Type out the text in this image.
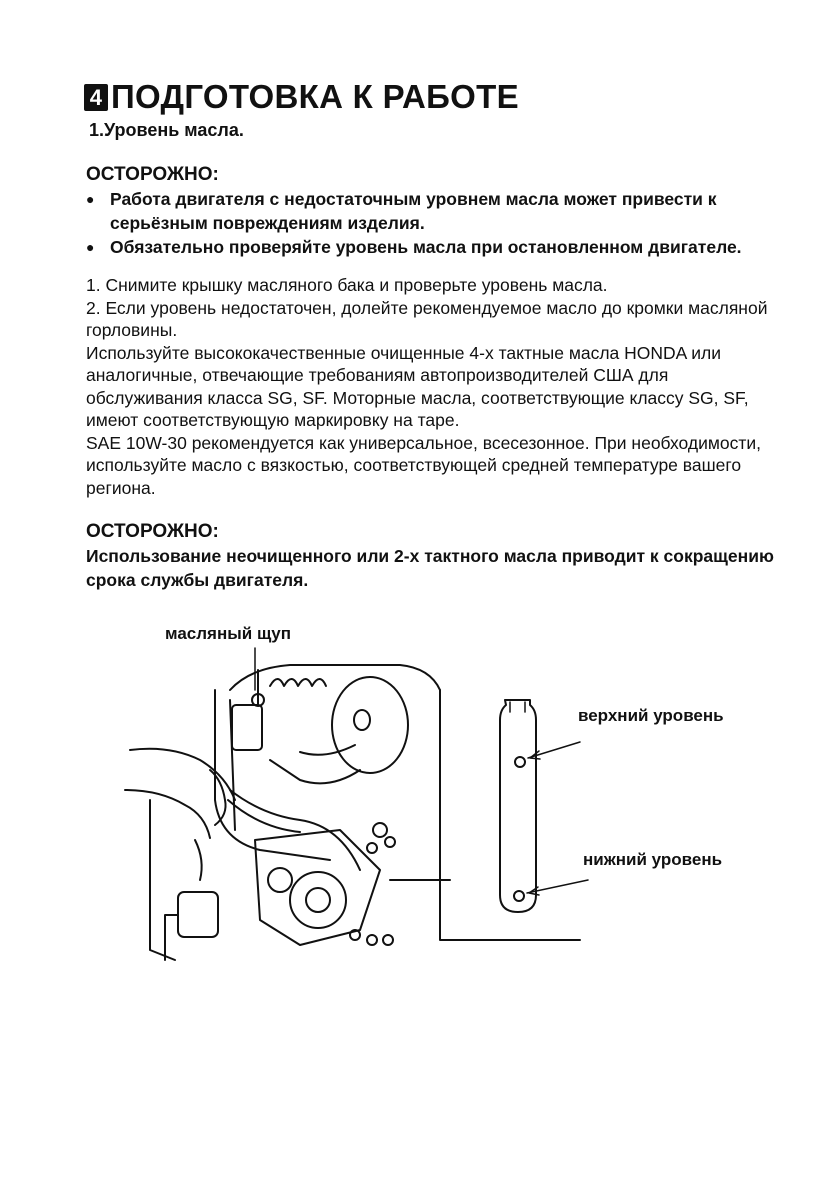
4 ПОДГОТОВКА К РАБОТЕ

1.Уровень масла.

ОСТОРОЖНО:

● Работа двигателя с недостаточным уровнем масла может привести к серьёзным повреждениям изделия.
● Обязательно проверяйте уровень масла при остановленном двигателе.

1. Снимите крышку масляного бака и проверьте уровень масла.

2. Если уровень недостаточен, долейте рекомендуемое масло до кромки масляной горловины.

Используйте высококачественные очищенные 4-х тактные масла HONDA или аналогичные, отвечающие требованиям автопроизводителей США для обслуживания класса SG, SF. Моторные масла, соответствующие классу SG, SF, имеют соответствующую маркировку на таре.

SAE 10W-30 рекомендуется как универсальное, всесезонное. При необходимости, используйте масло с вязкостью, соответствующей средней температуре вашего региона.

ОСТОРОЖНО:

Использование неочищенного или 2-х тактного масла приводит к сокращению срока службы двигателя.

масляный щуп

верхний уровень

нижний уровень
